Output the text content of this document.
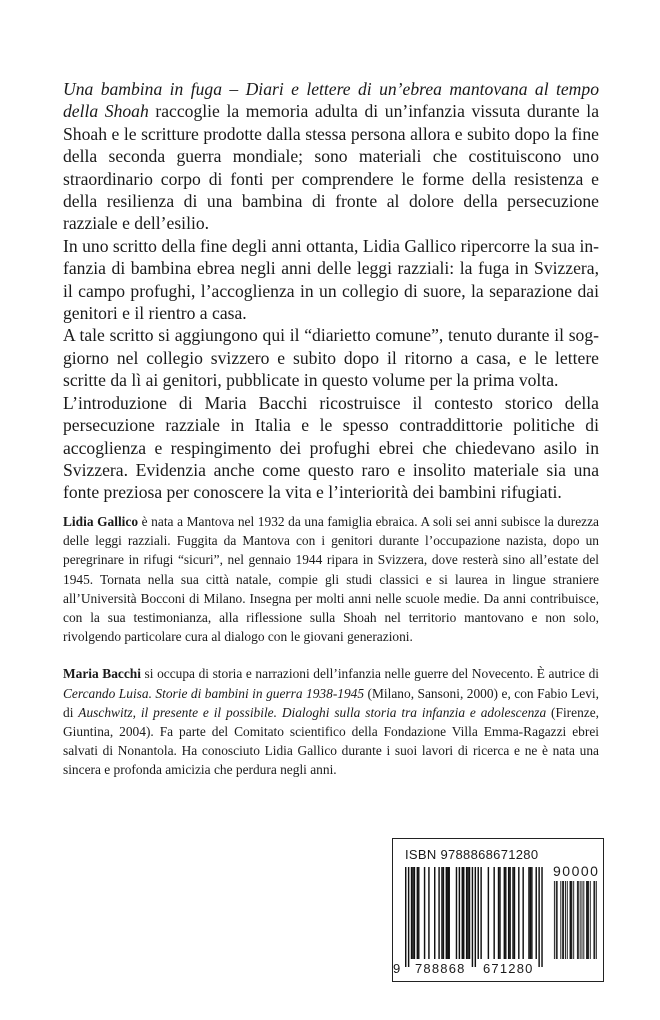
Una bambina in fuga – Diari e lettere di un’ebrea mantovana al tempo della Shoah raccoglie la memoria adulta di un’infanzia vissuta durante la Shoah e le scritture prodotte dalla stessa persona allora e subito dopo la fine della seconda guerra mondiale; sono materiali che costituiscono uno straordinario corpo di fonti per comprendere le forme della resistenza e della resilienza di una bambina di fronte al dolore della persecuzione razziale e dell’esilio.

In uno scritto della fine degli anni ottanta, Lidia Gallico ripercorre la sua infanzia di bambina ebrea negli anni delle leggi razziali: la fuga in Svizzera, il campo profughi, l’accoglienza in un collegio di suore, la separazione dai genitori e il rientro a casa.

A tale scritto si aggiungono qui il “diarietto comune”, tenuto durante il soggiorno nel collegio svizzero e subito dopo il ritorno a casa, e le lettere scritte da lì ai genitori, pubblicate in questo volume per la prima volta.

L’introduzione di Maria Bacchi ricostruisce il contesto storico della persecuzione razziale in Italia e le spesso contraddittorie politiche di accoglienza e respingimento dei profughi ebrei che chiedevano asilo in Svizzera. Evidenzia anche come questo raro e insolito materiale sia una fonte preziosa per conoscere la vita e l’interiorità dei bambini rifugiati.

Lidia Gallico è nata a Mantova nel 1932 da una famiglia ebraica. A soli sei anni subisce la durezza delle leggi razziali. Fuggita da Mantova con i genitori durante l’occupazione nazista, dopo un peregrinare in rifugi “sicuri”, nel gennaio 1944 ripara in Svizzera, dove resterà sino all’estate del 1945. Tornata nella sua città natale, compie gli studi classici e si laurea in lingue straniere all’Università Bocconi di Milano. Insegna per molti anni nelle scuole medie. Da anni contribuisce, con la sua testimonianza, alla riflessione sulla Shoah nel territorio mantovano e non solo, rivolgendo particolare cura al dialogo con le giovani generazioni.

Maria Bacchi si occupa di storia e narrazioni dell’infanzia nelle guerre del Novecento. È autrice di Cercando Luisa. Storie di bambini in guerra 1938-1945 (Milano, Sansoni, 2000) e, con Fabio Levi, di Auschwitz, il presente e il possibile. Dialoghi sulla storia tra infanzia e adolescenza (Firenze, Giuntina, 2004). Fa parte del Comitato scientifico della Fondazione Villa Emma-Ragazzi ebrei salvati di Nonantola. Ha conosciuto Lidia Gallico durante i suoi lavori di ricerca e ne è nata una sincera e profonda amicizia che perdura negli anni.

ISBN 9788868671280
90000
9 788868 671280
